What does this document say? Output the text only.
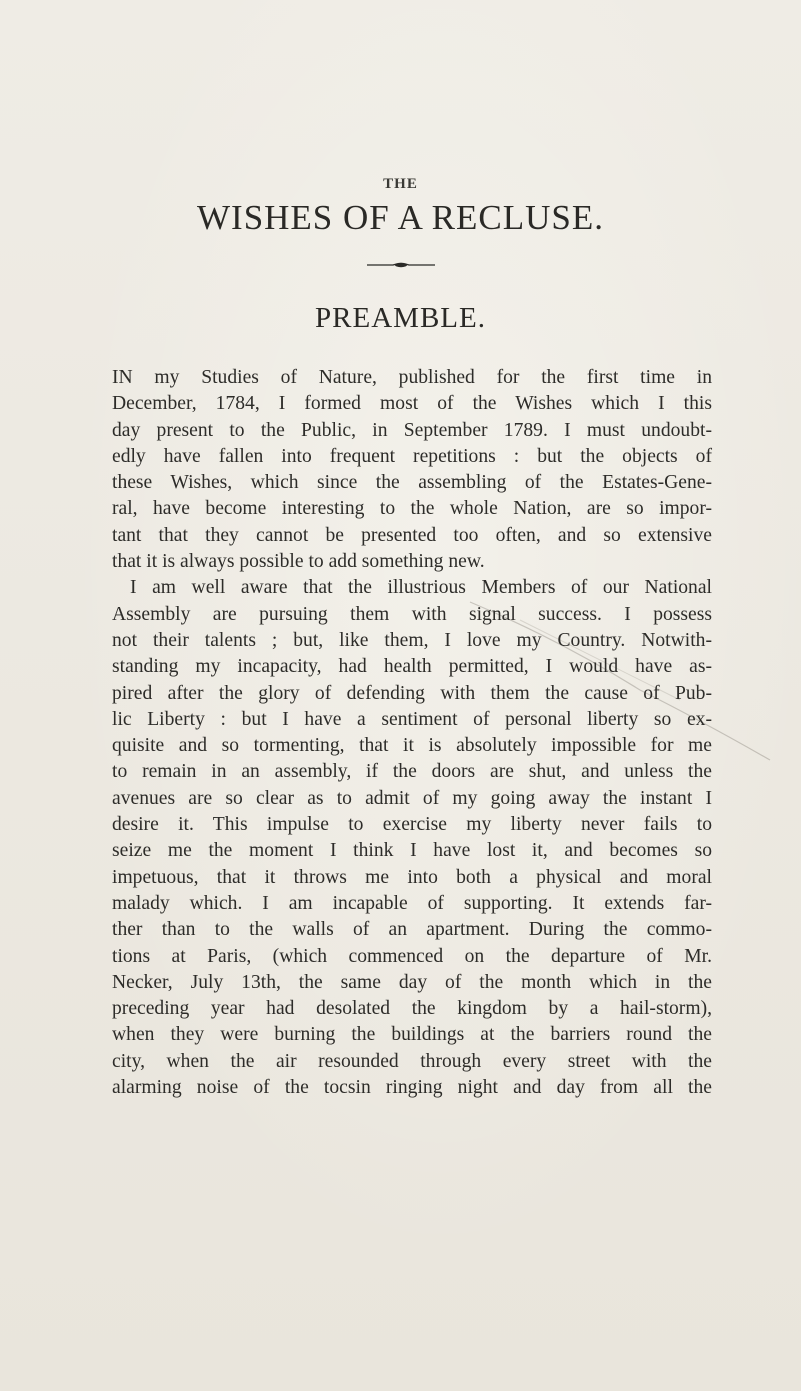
THE
WISHES OF A RECLUSE.
PREAMBLE.
IN my Studies of Nature, published for the first time in
December, 1784, I formed most of the Wishes which I this
day present to the Public, in September 1789. I must undoubt-
edly have fallen into frequent repetitions : but the objects of
these Wishes, which since the assembling of the Estates-Gene-
ral, have become interesting to the whole Nation, are so impor-
tant that they cannot be presented too often, and so extensive
that it is always possible to add something new.
I am well aware that the illustrious Members of our National
Assembly are pursuing them with signal success. I possess
not their talents ; but, like them, I love my Country. Notwith-
standing my incapacity, had health permitted, I would have as-
pired after the glory of defending with them the cause of Pub-
lic Liberty : but I have a sentiment of personal liberty so ex-
quisite and so tormenting, that it is absolutely impossible for me
to remain in an assembly, if the doors are shut, and unless the
avenues are so clear as to admit of my going away the instant I
desire it. This impulse to exercise my liberty never fails to
seize me the moment I think I have lost it, and becomes so
impetuous, that it throws me into both a physical and moral
malady which. I am incapable of supporting. It extends far-
ther than to the walls of an apartment. During the commo-
tions at Paris, (which commenced on the departure of Mr.
Necker, July 13th, the same day of the month which in the
preceding year had desolated the kingdom by a hail-storm),
when they were burning the buildings at the barriers round the
city, when the air resounded through every street with the
alarming noise of the tocsin ringing night and day from all the
